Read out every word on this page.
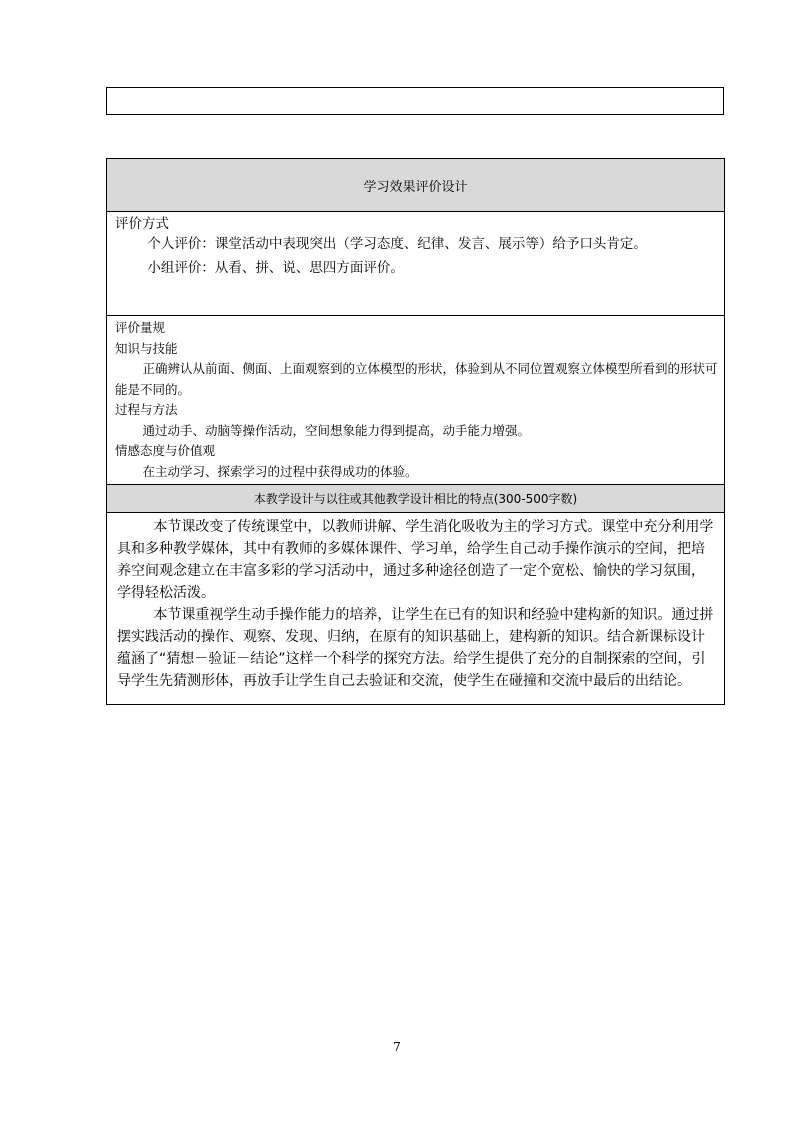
学习效果评价设计

评价方式

个人评价：课堂活动中表现突出（学习态度、纪律、发言、展示等）给予口头肯定。

小组评价：从看、拼、说、思四方面评价。

评价量规

知识与技能

正确辨认从前面、侧面、上面观察到的立体模型的形状，体验到从不同位置观察立体模型所看到的形状可能是不同的。

过程与方法

通过动手、动脑等操作活动，空间想象能力得到提高，动手能力增强。

情感态度与价值观

在主动学习、探索学习的过程中获得成功的体验。

本教学设计与以往或其他教学设计相比的特点(300-500字数)

本节课改变了传统课堂中，以教师讲解、学生消化吸收为主的学习方式。课堂中充分利用学具和多种教学媒体，其中有教师的多媒体课件、学习单，给学生自己动手操作演示的空间，把培养空间观念建立在丰富多彩的学习活动中，通过多种途径创造了一定个宽松、愉快的学习氛围，学得轻松活泼。

本节课重视学生动手操作能力的培养，让学生在已有的知识和经验中建构新的知识。通过拼摆实践活动的操作、观察、发现、归纳，在原有的知识基础上，建构新的知识。结合新课标设计蕴涵了“猜想－验证－结论”这样一个科学的探究方法。给学生提供了充分的自制探索的空间，引导学生先猜测形体，再放手让学生自己去验证和交流，使学生在碰撞和交流中最后的出结论。

7
